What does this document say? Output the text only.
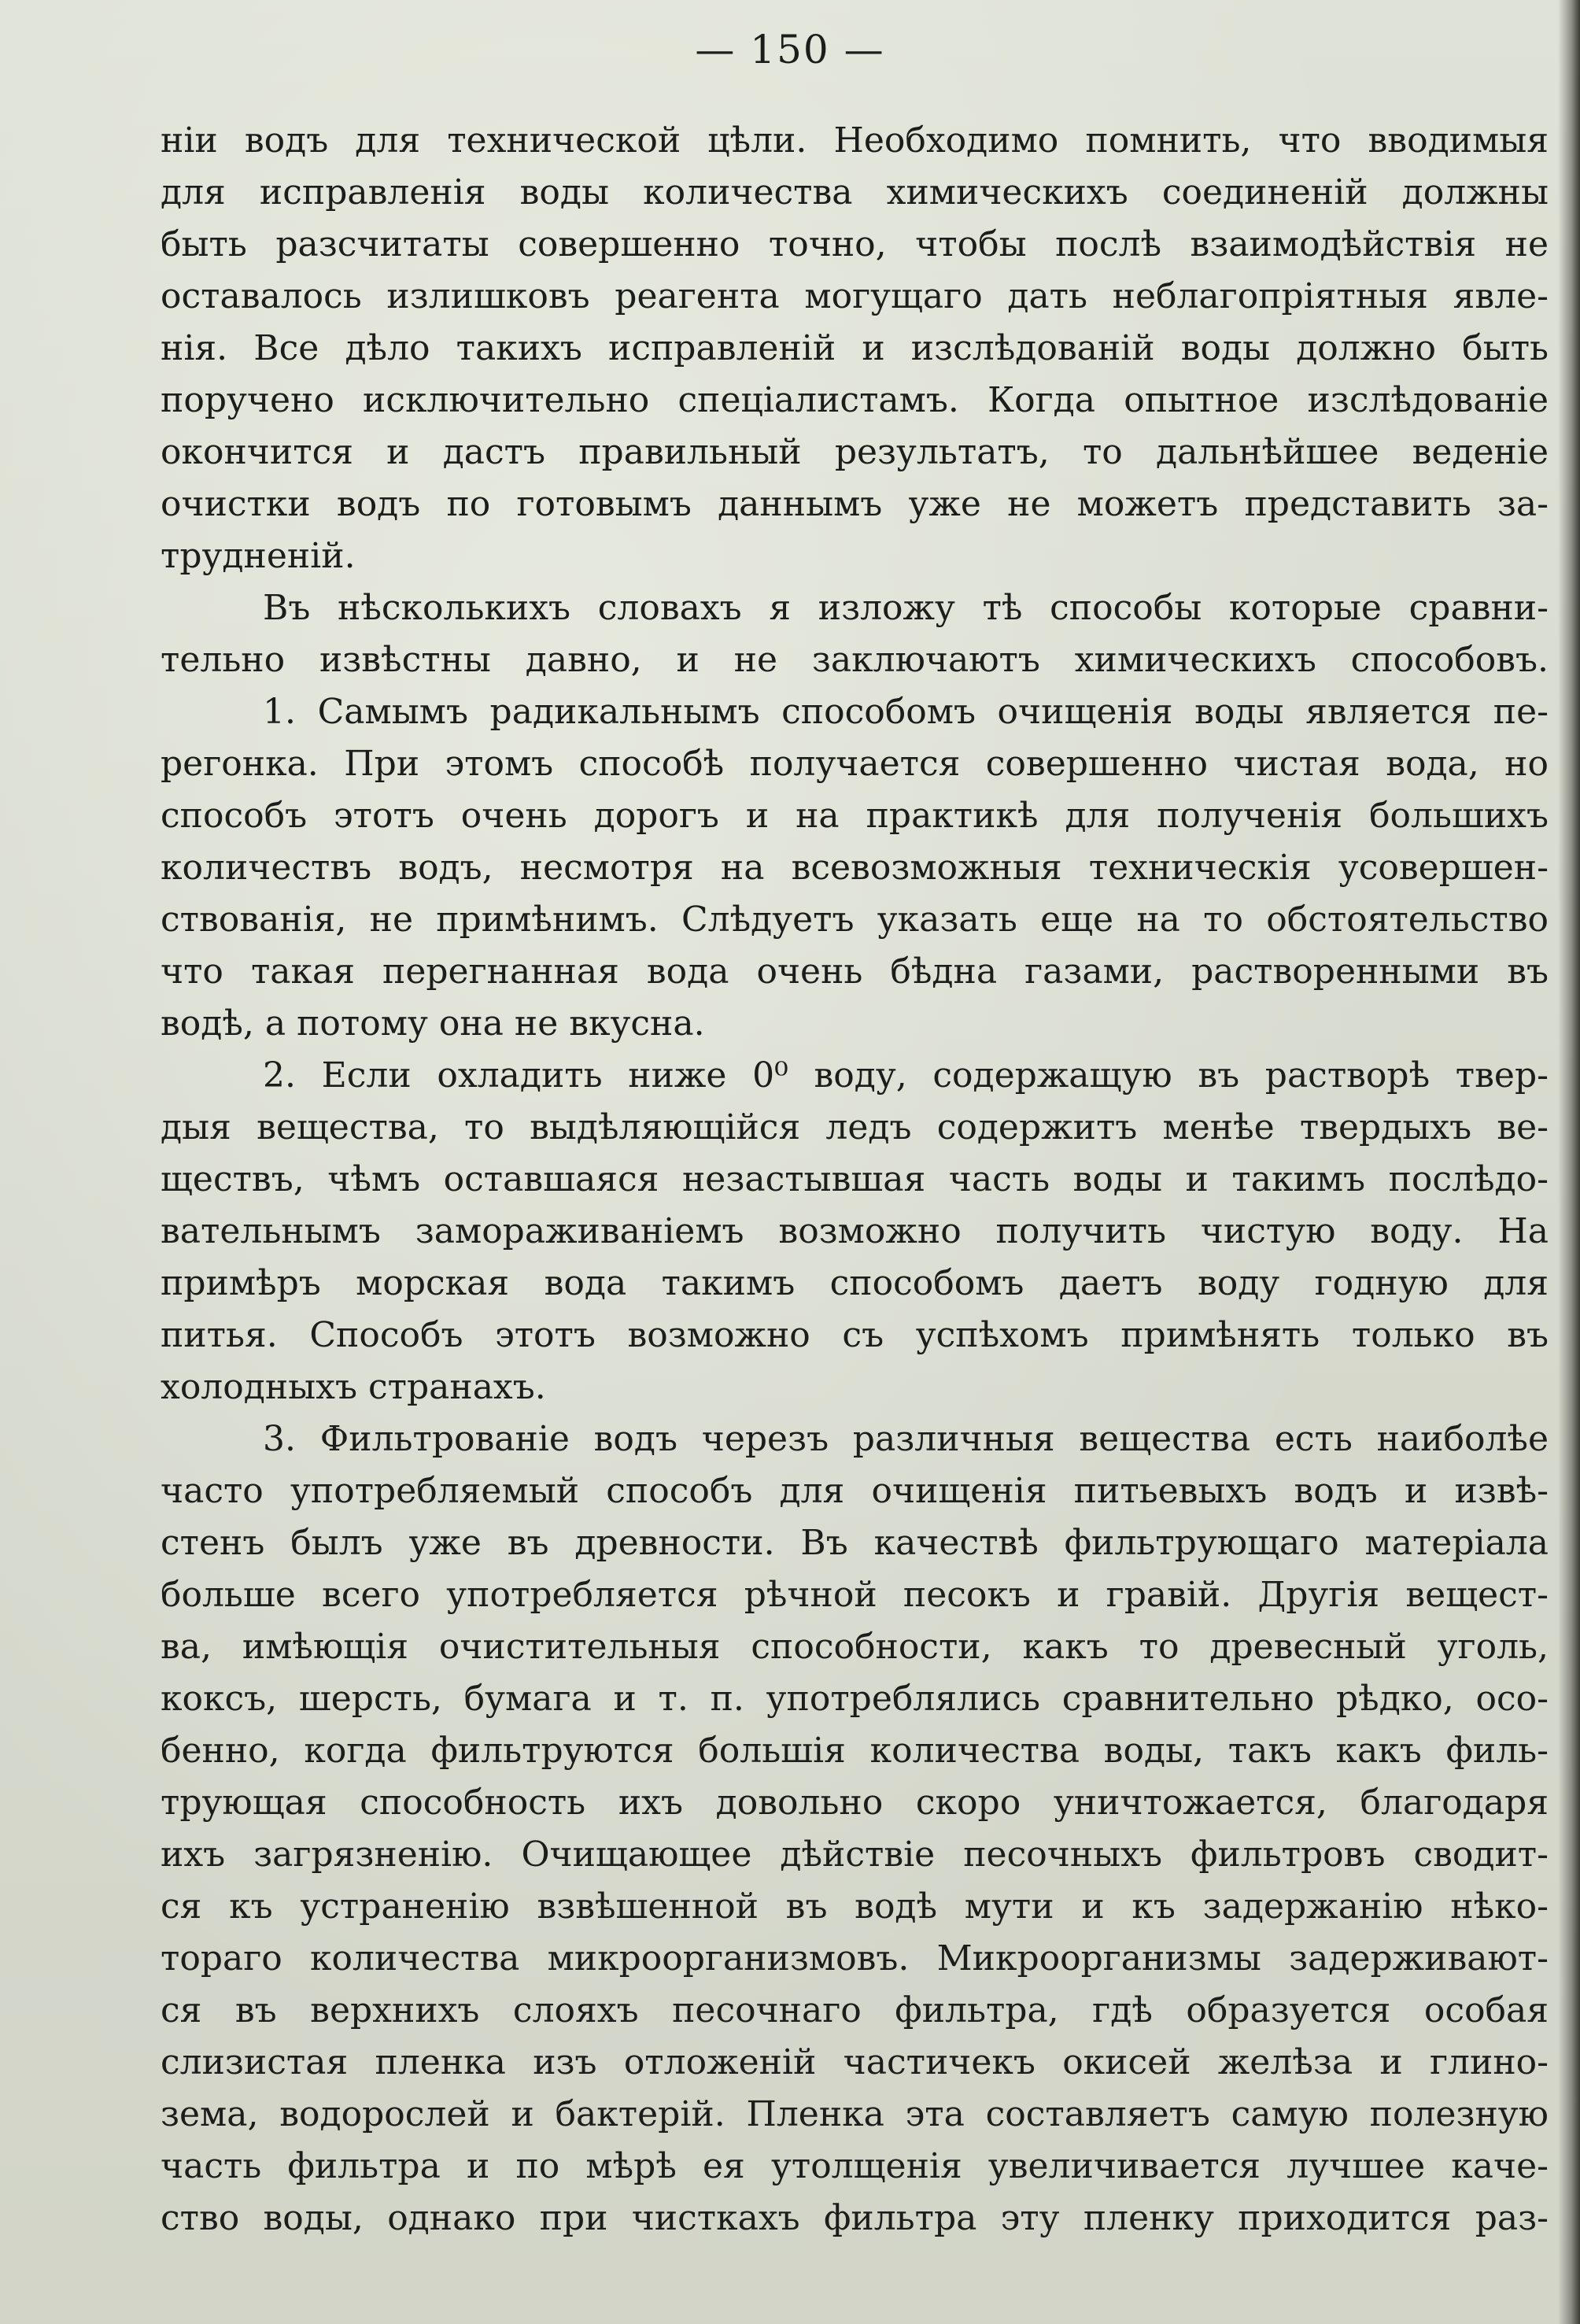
— 150 —
ніи водъ для технической цѣли. Необходимо помнить, что вводимыя
для исправленія воды количества химическихъ соединеній должны
быть разсчитаты совершенно точно, чтобы послѣ взаимодѣйствія не
оставалось излишковъ реагента могущаго дать неблагопріятныя явле-
нія. Все дѣло такихъ исправленій и изслѣдованій воды должно быть
поручено исключительно спеціалистамъ. Когда опытное изслѣдованіе
окончится и дастъ правильный результатъ, то дальнѣйшее веденіе
очистки водъ по готовымъ даннымъ уже не можетъ представить за-
трудненій.
Въ нѣсколькихъ словахъ я изложу тѣ способы которые сравни-
тельно извѣстны давно, и не заключаютъ химическихъ способовъ.
1. Самымъ радикальнымъ способомъ очищенія воды является пе-
регонка. При этомъ способѣ получается совершенно чистая вода, но
способъ этотъ очень дорогъ и на практикѣ для полученія большихъ
количествъ водъ, несмотря на всевозможныя техническія усовершен-
ствованія, не примѣнимъ. Слѣдуетъ указать еще на то обстоятельство
что такая перегнанная вода очень бѣдна газами, растворенными въ
водѣ, а потому она не вкусна.
2. Если охладить ниже 0⁰ воду, содержащую въ растворѣ твер-
дыя вещества, то выдѣляющійся ледъ содержитъ менѣе твердыхъ ве-
ществъ, чѣмъ оставшаяся незастывшая часть воды и такимъ послѣдо-
вательнымъ замораживаніемъ возможно получить чистую воду. На
примѣръ морская вода такимъ способомъ даетъ воду годную для
питья. Способъ этотъ возможно съ успѣхомъ примѣнять только въ
холодныхъ странахъ.
3. Фильтрованіе водъ черезъ различныя вещества есть наиболѣе
часто употребляемый способъ для очищенія питьевыхъ водъ и извѣ-
стенъ былъ уже въ древности. Въ качествѣ фильтрующаго матеріала
больше всего употребляется рѣчной песокъ и гравій. Другія вещест-
ва, имѣющія очистительныя способности, какъ то древесный уголь,
коксъ, шерсть, бумага и т. п. употреблялись сравнительно рѣдко, осо-
бенно, когда фильтруются большія количества воды, такъ какъ филь-
трующая способность ихъ довольно скоро уничтожается, благодаря
ихъ загрязненію. Очищающее дѣйствіе песочныхъ фильтровъ сводит-
ся къ устраненію взвѣшенной въ водѣ мути и къ задержанію нѣко-
тораго количества микроорганизмовъ. Микроорганизмы задерживают-
ся въ верхнихъ слояхъ песочнаго фильтра, гдѣ образуется особая
слизистая пленка изъ отложеній частичекъ окисей желѣза и глино-
зема, водорослей и бактерій. Пленка эта составляетъ самую полезную
часть фильтра и по мѣрѣ ея утолщенія увеличивается лучшее каче-
ство воды, однако при чисткахъ фильтра эту пленку приходится раз-
